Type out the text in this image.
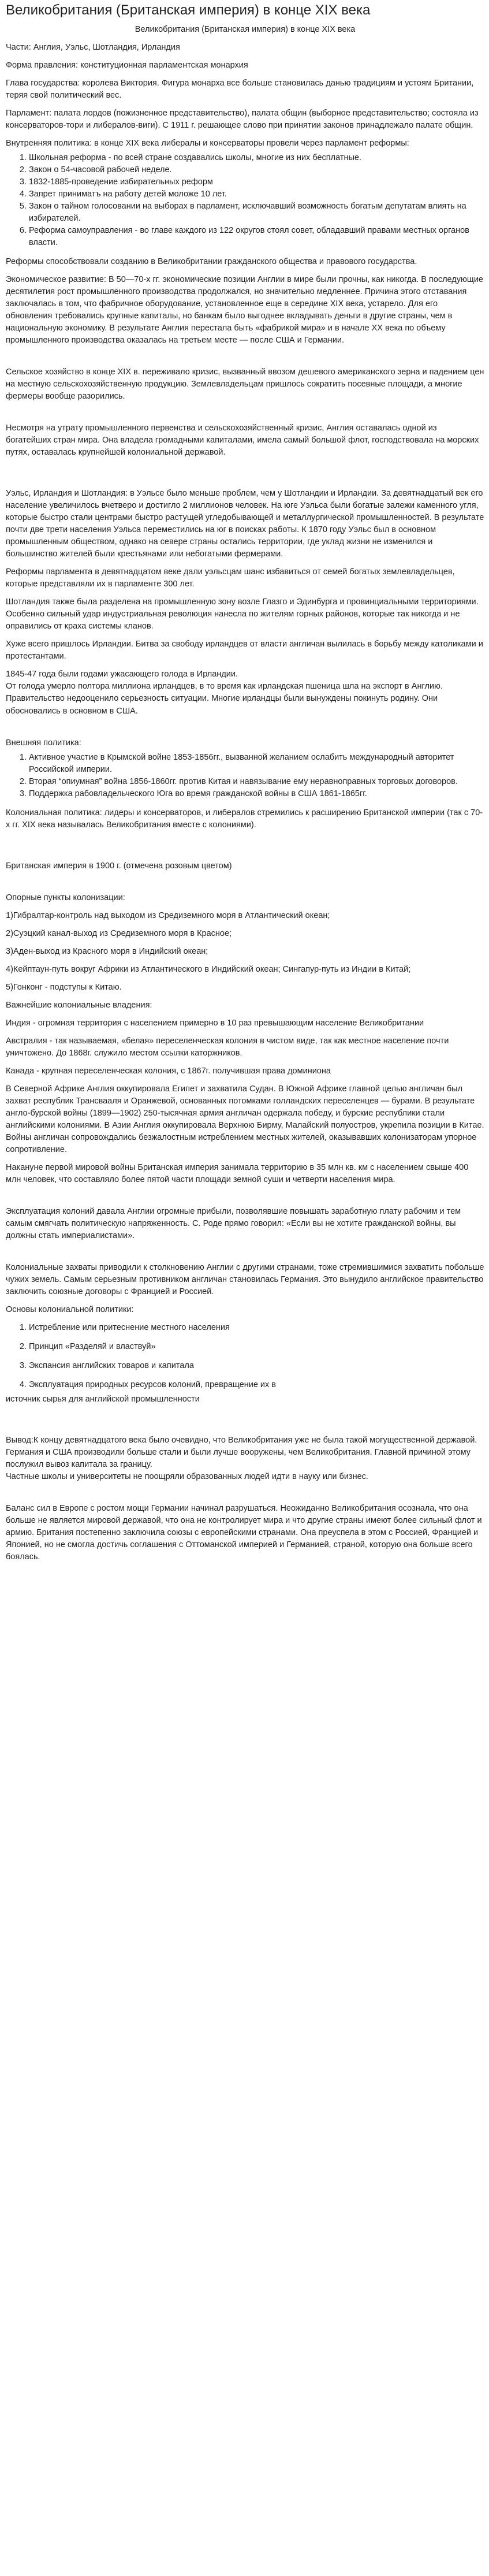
Великобритания (Британская империя) в конце XIX века

Великобритания (Британская империя) в конце XIX века

Части: Англия, Уэльс, Шотландия, Ирландия

Форма правления: конституционная парламентская монархия

Глава государства: королева Виктория. Фигура монарха все больше становилась данью традициям и устоям Британии, теряя свой политический вес.

Парламент: палата лордов (пожизненное представительство), палата общин (выборное представительство; состояла из консерваторов-тори и либералов-виги). С 1911 г. решающее слово при принятии законов принадлежало палате общин.

Внутренняя политика: в конце XIX века либералы и консерваторы провели через парламент реформы:

1. Школьная реформа - по всей стране создавались школы, многие из них бесплатные.
2. Закон о 54-часовой рабочей неделе.
3. 1832-1885-проведение избирательных реформ
4. Запрет приниматъ на работу детей моложе 10 лет.
5. Закон о тайном голосовании на выборах в парламент, исключавший возможность богатым депутатам влиять на избирателей.
6. Реформа самоуправления - во главе каждого из 122 округов стоял совет, обладавший правами местных органов власти.

Реформы способствовали созданию в Великобритании гражданского общества и правового государства.

Экономическое развитие: В 50—70-х гг. экономические позиции Англии в мире были прочны, как никогда. В последующие десятилетия рост промышленного производства продолжался, но значительно медленнее. Причина этого отставания заключалась в том, что фабричное оборудование, установленное еще в середине XIX века, устарело. Для его обновления требовались крупные капиталы, но банкам было выгоднее вкладывать деньги в другие страны, чем в национальную экономику. В результате Англия перестала быть «фабрикой мира» и в начале XX века по объему промышленного производства оказалась на третьем месте — после США и Германии.

Сельское хозяйство в конце XIX в. переживало кризис, вызванный ввозом дешевого американского зерна и падением цен на местную сельскохозяйственную продукцию. Землевладельцам пришлось сократить посевные площади, а многие фермеры вообще разорились.

Несмотря на утрату промышленного первенства и сельскохозяйственный кризис, Англия оставалась одной из богатейших стран мира. Она владела громадными капиталами, имела самый большой флот, господствовала на морских путях, оставалась крупнейшей колониальной державой.

Уэльс, Ирландия и Шотландия: в Уэльсе было меньше проблем, чем у Шотландии и Ирландии. За девятнадцатый век его население увеличилось вчетверо и достигло 2 миллионов человек. На юге Уэльса были богатые залежи каменного угля, которые быстро стали центрами быстро растущей угледобывающей и металлургической промышленностей. В результате почти две трети населения Уэльса переместились на юг в поисках работы. К 1870 году Уэльс был в основном промышленным обществом, однако на севере страны остались территории, где уклад жизни не изменился и большинство жителей были крестьянами или небогатыми фермерами.

Реформы парламента в девятнадцатом веке дали уэльсцам шанс избавиться от семей богатых землевладельцев, которые представляли их в парламенте 300 лет.

Шотландия также была разделена на промышленную зону возле Глазго и Эдинбурга и провинциальными территориями. Особенно сильный удар индустриальная революция нанесла по жителям горных районов, которые так никогда и не оправились от краха системы кланов.

Хуже всего пришлось Ирландии. Битва за свободу ирландцев от власти англичан вылилась в борьбу между католиками и протестантами.

1845-47 года были годами ужасающего голода в Ирландии.
От голода умерло полтора миллиона ирландцев, в то время как ирландская пшеница шла на экспорт в Англию. Правительство недооценило серьезность ситуации. Многие ирландцы были вынуждены покинуть родину. Они обосновались в основном в США.

Внешняя политика:

1. Активное участие в Крымской войне 1853-1856гг., вызванной желанием ослабить международный авторитет Российской империи.
2. Вторая “опиумная” война 1856-1860гг. против Китая и навязывание ему неравноправных торговых договоров.
3. Поддержка рабовладельческого Юга во время гражданской войны в США 1861-1865гг.

Колониальная политика: лидеры и консерваторов, и либералов стремились к расширению Британской империи (так с 70-х гг. XIX века называлась Великобритания вместе с колониями).

Британская империя в 1900 г. (отмечена розовым цветом)

Опорные пункты колонизации:

1)Гибралтар-контроль над выходом из Средиземного моря в Атлантический океан;

2)Суэцкий канал-выход из Средиземного моря в Красное;

3)Аден-выход из Красного моря в Индийский океан;

4)Кейптаун-путь вокруг Африки из Атлантического в Индийский океан; Сингапур-путь из Индии в Китай;

5)Гонконг - подступы к Китаю.

Важнейшие колониальные владения:

Индия - огромная территория с населением примерно в 10 раз превышающим население Великобритании

Австралия - так называемая, «белая» переселенческая колония в чистом виде, так как местное население почти уничтожено. До 1868г. служило местом ссылки каторжников.

Канада - крупная переселенческая колония, с 1867г. получившая права доминиона

В Северной Африке Англия оккупировала Египет и захватила Судан. В Южной Африке главной целью англичан был захват республик Трансвааля и Оранжевой, основанных потомками голландских переселенцев — бурами. В результате англо-бурской войны (1899—1902) 250-тысячная армия англичан одержала победу, и бурские республики стали английскими колониями. В Азии Англия оккупировала Верхнюю Бирму, Малайский полуостров, укрепила позиции в Китае. Войны англичан сопровождались безжалостным истреблением местных жителей, оказывавших колонизаторам упорное сопротивление.

Накануне первой мировой войны Британская империя занимала территорию в 35 млн кв. км с населением свыше 400 млн человек, что составляло более пятой части площади земной суши и четверти населения мира.

Эксплуатация колоний давала Англии огромные прибыли, позволявшие повышать заработную плату рабочим и тем самым смягчать политическую напряженность. С. Роде прямо говорил: «Если вы не хотите гражданской войны, вы должны стать империалистами».

Колониальные захваты приводили к столкновению Англии с другими странами, тоже стремившимися захватить побольше чужих земель. Самым серьезным противником англичан становилась Германия. Это вынудило английское правительство заключить союзные договоры с Францией и Россией.

Основы колониальной политики:

1. Истребление или притеснение местного населения
2. Принцип «Разделяй и властвуй»
3. Экспансия английских товаров и капитала
4. Эксплуатация природных ресурсов колоний, превращение их в

источник сырья для английской промышленности

Вывод:К концу девятнадцатого века было очевидно, что Великобритания уже не была такой могущественной державой. Германия и США производили больше стали и были лучше вооружены, чем Великобритания. Главной причиной этому послужил вывоз капитала за границу.
Частные школы и университеты не поощряли образованных людей идти в науку или бизнес.

Баланс сил в Европе с ростом мощи Германии начинал разрушаться. Неожиданно Великобритания осознала, что она больше не является мировой державой, что она не контролирует мира и что другие страны имеют более сильный флот и армию. Британия постепенно заключила союзы с европейскими странами. Она преуспела в этом с Россией, Францией и Японией, но не смогла достичь соглашения с Оттоманской империей и Германией, страной, которую она больше всего боялась.
